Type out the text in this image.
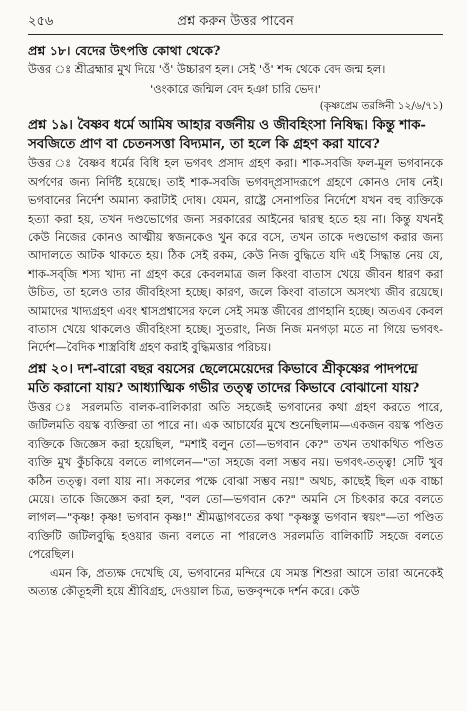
২৫৬	প্রশ্ন করুন উত্তর পাবেন

প্রশ্ন ১৮। বেদের উৎপত্তি কোথা থেকে?

উত্তর ঃ শ্রীব্রহ্মার মুখ দিয়ে 'ওঁ' উচ্চারণ হল। সেই 'ওঁ' শব্দ থেকে বেদ জন্ম হল।

'ওংকারে জন্মিল বেদ হঞা চারি ভেদ।'

(কৃষ্ণপ্রেম তরঙ্গিনী ১২/৬/৭১)

প্রশ্ন ১৯। বৈষ্ণব ধর্মে আমিষ আহার বর্জনীয় ও জীবহিংসা নিষিদ্ধ। কিন্তু শাক-সবজিতে প্রাণ বা চেতনসত্তা বিদ্যমান, তা হলে কি গ্রহণ করা যাবে?

উত্তর ঃ বৈষ্ণব ধর্মের বিধি হল ভগবৎ প্রসাদ গ্রহণ করা। শাক-সবজি ফল-মূল ভগবানকে অর্পণের জন্য নির্দিষ্ট হয়েছে। তাই শাক-সবজি ভগবদ্‌প্রসাদরূপে গ্রহণে কোনও দোষ নেই। ভগবানের নির্দেশ অমান্য করাটাই দোষ। যেমন, রাষ্ট্রে সেনাপতির নির্দেশে যখন বহু ব্যক্তিকে হত্যা করা হয়, তখন দণ্ডভোগের জন্য সরকারের আইনের দ্বারস্থ হতে হয় না। কিন্তু যখনই কেউ নিজের কোনও আত্মীয় স্বজনকেও খুন করে বসে, তখন তাকে দণ্ডভোগ করার জন্য আদালতে আটক থাকতে হয়। ঠিক সেই রকম, কেউ নিজ বুদ্ধিতে যদি এই সিদ্ধান্ত নেয় যে, শাক-সব্‌জি শস্য খাদ্য না গ্রহণ করে কেবলমাত্র জল কিংবা বাতাস খেয়ে জীবন ধারণ করা উচিত, তা হলেও তার জীবহিংসা হচ্ছে। কারণ, জলে কিংবা বাতাসে অসংখ্য জীব রয়েছে। আমাদের খাদ্যগ্রহণ এবং শ্বাসপ্রশ্বাসের ফলে সেই সমস্ত জীবের প্রাণহানি হচ্ছে। অতএব কেবল বাতাস খেয়ে থাকলেও জীবহিংসা হচ্ছে। সুতরাং, নিজ নিজ মনগড়া মতে না গিয়ে ভগবৎ-নির্দেশ—বৈদিক শাস্ত্রবিধি গ্রহণ করাই বুদ্ধিমত্তার পরিচয়।

প্রশ্ন ২০। দশ-বারো বছর বয়সের ছেলেমেয়েদের কিভাবে শ্রীকৃষ্ণের পাদপদ্মে মতি করানো যায়? আধ্যাত্মিক গভীর তত্ত্ব তাদের কিভাবে বোঝানো যায়?

উত্তর ঃ সরলমতি বালক-বালিকারা অতি সহজেই ভগবানের কথা গ্রহণ করতে পারে, জটিলমতি বয়স্ক ব্যক্তিরা তা পারে না। এক আচার্যের মুখে শুনেছিলাম—একজন বয়স্ক পণ্ডিত ব্যক্তিকে জিজ্ঞেস করা হয়েছিল, "মশাই বলুন তো—ভগবান কে?" তখন তথাকথিত পণ্ডিত ব্যক্তি মুখ কুঁচকিয়ে বলতে লাগলেন—"তা সহজে বলা সম্ভব নয়। ভগবৎ-তত্ত্ব! সেটি খুব কঠিন তত্ত্ব। বলা যায় না। সকলের পক্ষে বোঝা সম্ভব নয়!" অথচ, কাছেই ছিল এক বাচ্চা মেয়ে। তাকে জিজ্ঞেস করা হল, "বল তো—ভগবান কে?" অমনি সে চিৎকার করে বলতে লাগল—"কৃষ্ণ! কৃষ্ণ! ভগবান কৃষ্ণ!" শ্রীমদ্ভাগবতের কথা "কৃষ্ণস্তু ভগবান স্বয়ং"—তা পণ্ডিত ব্যক্তিটি জটিলবুদ্ধি হওয়ার জন্য বলতে না পারলেও সরলমতি বালিকাটি সহজে বলতে পেরেছিল।

এমন কি, প্রত্যক্ষ দেখেছি যে, ভগবানের মন্দিরে যে সমস্ত শিশুরা আসে তারা অনেকেই অত্যন্ত কৌতূহলী হয়ে শ্রীবিগ্রহ, দেওয়াল চিত্র, ভক্তবৃন্দকে দর্শন করে। কেউ
